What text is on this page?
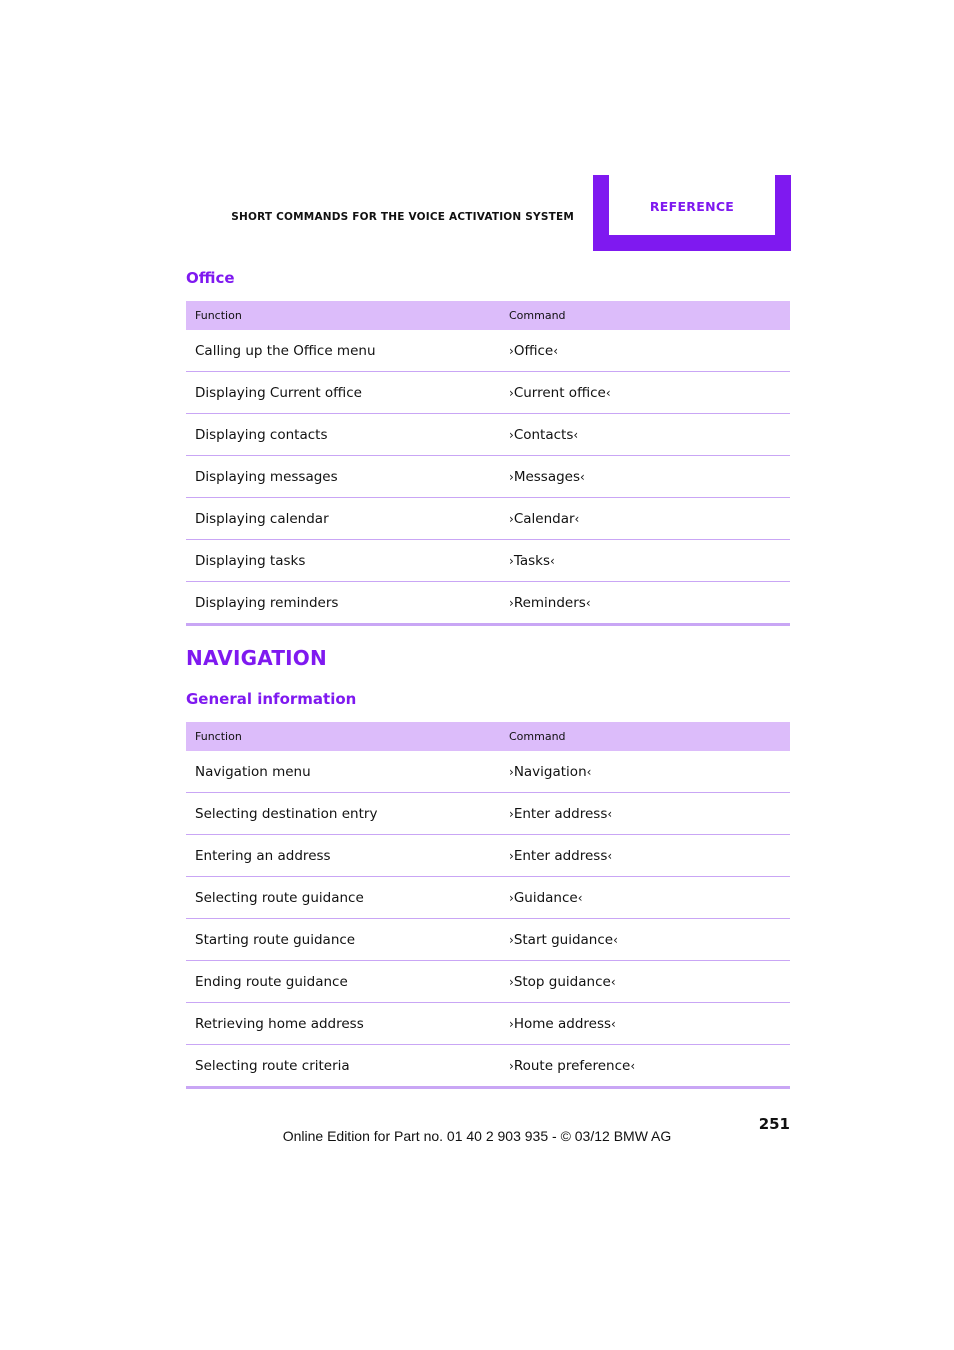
SHORT COMMANDS FOR THE VOICE ACTIVATION SYSTEM
REFERENCE
Office
Function	Command
Calling up the Office menu	›Office‹
Displaying Current office	›Current office‹
Displaying contacts	›Contacts‹
Displaying messages	›Messages‹
Displaying calendar	›Calendar‹
Displaying tasks	›Tasks‹
Displaying reminders	›Reminders‹
NAVIGATION
General information
Function	Command
Navigation menu	›Navigation‹
Selecting destination entry	›Enter address‹
Entering an address	›Enter address‹
Selecting route guidance	›Guidance‹
Starting route guidance	›Start guidance‹
Ending route guidance	›Stop guidance‹
Retrieving home address	›Home address‹
Selecting route criteria	›Route preference‹
251
Online Edition for Part no. 01 40 2 903 935 - © 03/12 BMW AG
